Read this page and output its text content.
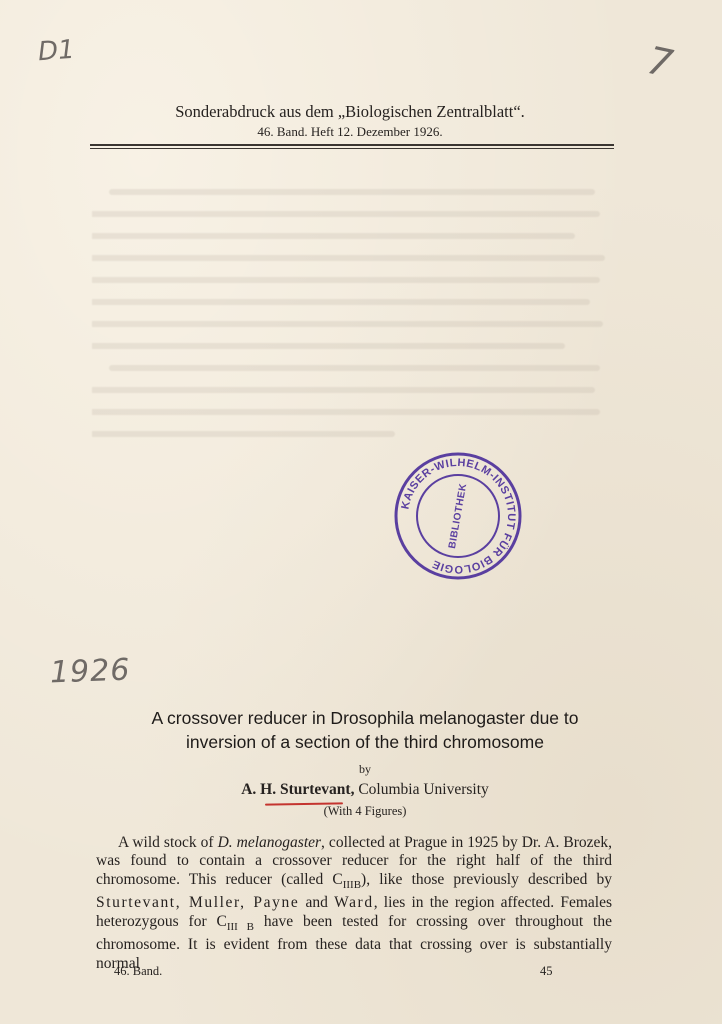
D1	7
Sonderabdruck aus dem „Biologischen Zentralblatt“.
46. Band. Heft 12. Dezember 1926.

KAISER-WILHELM-INSTITUT FÜR BIOLOGIE
BIBLIOTHEK
1926
A crossover reducer in Drosophila melanogaster due to
inversion of a section of the third chromosome
by
A. H. Sturtevant, Columbia University
(With 4 Figures)

A wild stock of D. melanogaster, collected at Prague in 1925 by Dr. A. Brozek, was found to contain a crossover reducer for the right half of the third chromosome. This reducer (called $C_{IIIB}$), like those previously described by Sturtevant, Muller, Payne and Ward, lies in the region affected. Females heterozygous for $C_{III B}$ have been tested for crossing over throughout the chromosome. It is evident from these data that crossing over is substantially normal

46. Band.	45
